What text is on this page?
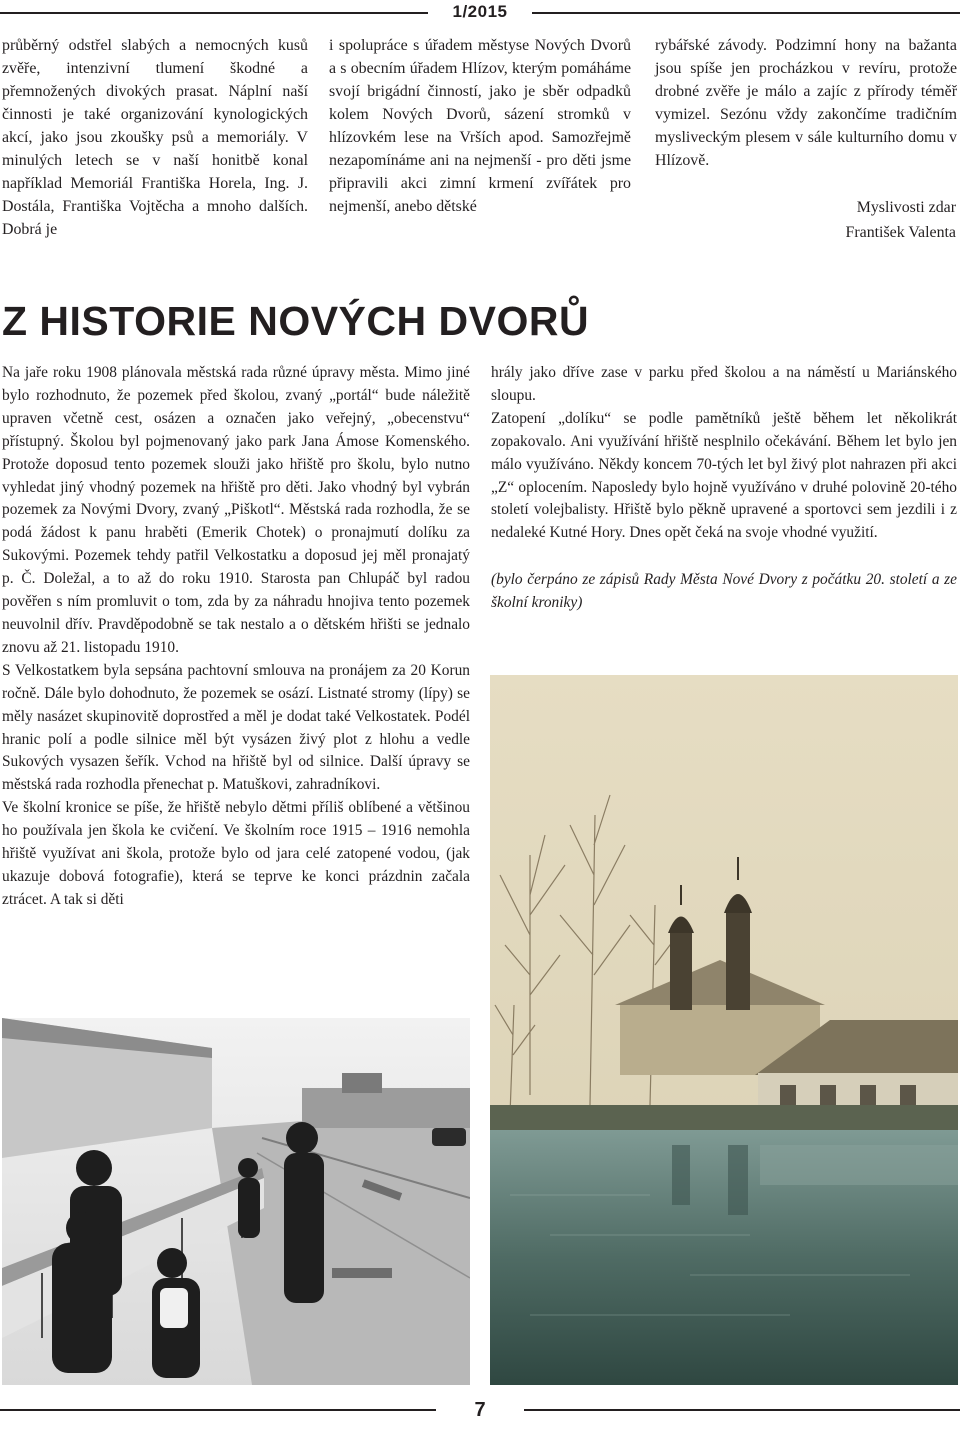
1/2015

průběrný odstřel slabých a nemocných kusů zvěře, intenzivní tlumení škodné a přemnožených divokých prasat. Náplní naší činnosti je také organizování kynologických akcí, jako jsou zkoušky psů a memoriály. V minulých letech se v naší honitbě konal například Memoriál Františka Horela, Ing. J. Dostála, Františka Vojtěcha a mnoho dalších. Dobrá je

i spolupráce s úřadem městyse Nových Dvorů a s obecním úřadem Hlízov, kterým pomáháme svojí brigádní činností, jako je sběr odpadků kolem Nových Dvorů, sázení stromků v hlízovkém lese na Vrších apod. Samozřejmě nezapomínáme ani na nejmenší - pro děti jsme připravili akci zimní krmení zvířátek pro nejmenší, anebo dětské

rybářské závody. Podzimní hony na bažanta jsou spíše jen procházkou v revíru, protože drobné zvěře je málo a zajíc z přírody téměř vymizel. Sezónu vždy zakončíme tradičním mysliveckým plesem v sále kulturního domu v Hlízově.

Myslivosti zdar
František Valenta
Z HISTORIE NOVÝCH DVORŮ

Na jaře roku 1908 plánovala městská rada různé úpravy města. Mimo jiné bylo rozhodnuto, že pozemek před školou, zvaný „portál“ bude náležitě upraven včetně cest, osázen a označen jako veřejný, „obecenstvu“ přístupný. Školou byl pojmenovaný jako park Jana Ámose Komenského. Protože doposud tento pozemek slouži jako hřiště pro školu, bylo nutno vyhledat jiný vhodný pozemek na hřiště pro děti. Jako vhodný byl vybrán pozemek za Novými Dvory, zvaný „Piškotl“. Městská rada rozhodla, že se podá žádost k panu hraběti (Emerik Chotek) o pronajmutí dolíku za Sukovými. Pozemek tehdy patřil Velkostatku a doposud jej měl pronajatý p. Č. Doležal, a to až do roku 1910. Starosta pan Chlupáč byl radou pověřen s ním promluvit o tom, zda by za náhradu hnojiva tento pozemek neuvolnil dřív. Pravděpodobně se tak nestalo a o dětském hřišti se jednalo znovu až 21. listopadu 1910.

S Velkostatkem byla sepsána pachtovní smlouva na pronájem za 20 Korun ročně. Dále bylo dohodnuto, že pozemek se osází. Listnaté stromy (lípy) se měly nasázet skupinovitě doprostřed a měl je dodat také Velkostatek. Podél hranic polí a podle silnice měl být vysázen živý plot z hlohu a vedle Sukových vysazen šeřík. Vchod na hřiště byl od silnice. Další úpravy se městská rada rozhodla přenechat p. Matuškovi, zahradníkovi.

Ve školní kronice se píše, že hřiště nebylo dětmi příliš oblíbené a většinou ho používala jen škola ke cvičení. Ve školním roce 1915 – 1916 nemohla hřiště využívat ani škola, protože bylo od jara celé zatopené vodou, (jak ukazuje dobová fotografie), která se teprve ke konci prázdnin začala ztrácet. A tak si děti

hrály jako dříve zase v parku před školou a na náměstí u Mariánského sloupu.

Zatopení „dolíku“ se podle pamětníků ještě během let několikrát zopakovalo. Ani využívání hřiště nesplnilo očekávání. Během let bylo jen málo využíváno. Někdy koncem 70-tých let byl živý plot nahrazen při akci „Z“ oplocením. Naposledy bylo hojně využíváno v druhé polovině 20-tého století volejbalisty. Hřiště bylo pěkně upravené a sportovci sem jezdili i z nedaleké Kutné Hory. Dnes opět čeká na svoje vhodné využití.

(bylo čerpáno ze zápisů Rady Města Nové Dvory z počátku 20. století a ze školní kroniky)

7
